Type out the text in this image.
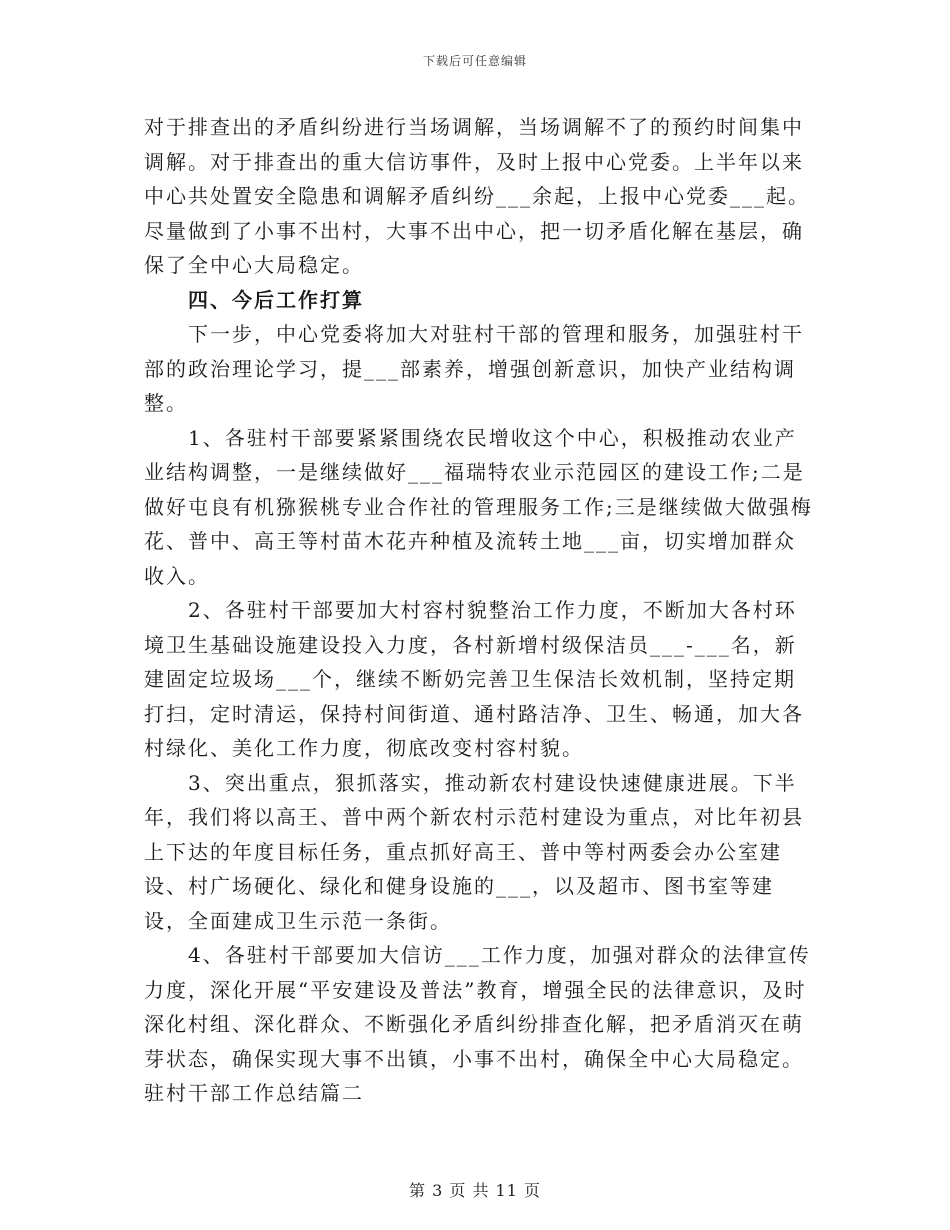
下载后可任意编辑

对于排查出的矛盾纠纷进行当场调解，当场调解不了的预约时间集中调解。对于排查出的重大信访事件，及时上报中心党委。上半年以来中心共处置安全隐患和调解矛盾纠纷___余起，上报中心党委___起。尽量做到了小事不出村，大事不出中心，把一切矛盾化解在基层，确保了全中心大局稳定。

四、今后工作打算

下一步，中心党委将加大对驻村干部的管理和服务，加强驻村干部的政治理论学习，提___部素养，增强创新意识，加快产业结构调整。

1、各驻村干部要紧紧围绕农民增收这个中心，积极推动农业产业结构调整，一是继续做好___福瑞特农业示范园区的建设工作;二是做好屯良有机猕猴桃专业合作社的管理服务工作;三是继续做大做强梅花、普中、高王等村苗木花卉种植及流转土地___亩，切实增加群众收入。

2、各驻村干部要加大村容村貌整治工作力度，不断加大各村环境卫生基础设施建设投入力度，各村新增村级保洁员___-___名，新建固定垃圾场___个，继续不断奶完善卫生保洁长效机制，坚持定期打扫，定时清运，保持村间街道、通村路洁净、卫生、畅通，加大各村绿化、美化工作力度，彻底改变村容村貌。

3、突出重点，狠抓落实，推动新农村建设快速健康进展。下半年，我们将以高王、普中两个新农村示范村建设为重点，对比年初县上下达的年度目标任务，重点抓好高王、普中等村两委会办公室建设、村广场硬化、绿化和健身设施的___，以及超市、图书室等建设，全面建成卫生示范一条街。

4、各驻村干部要加大信访___工作力度，加强对群众的法律宣传力度，深化开展“平安建设及普法”教育，增强全民的法律意识，及时深化村组、深化群众、不断强化矛盾纠纷排查化解，把矛盾消灭在萌芽状态，确保实现大事不出镇，小事不出村，确保全中心大局稳定。

驻村干部工作总结篇二

第 3 页 共 11 页
